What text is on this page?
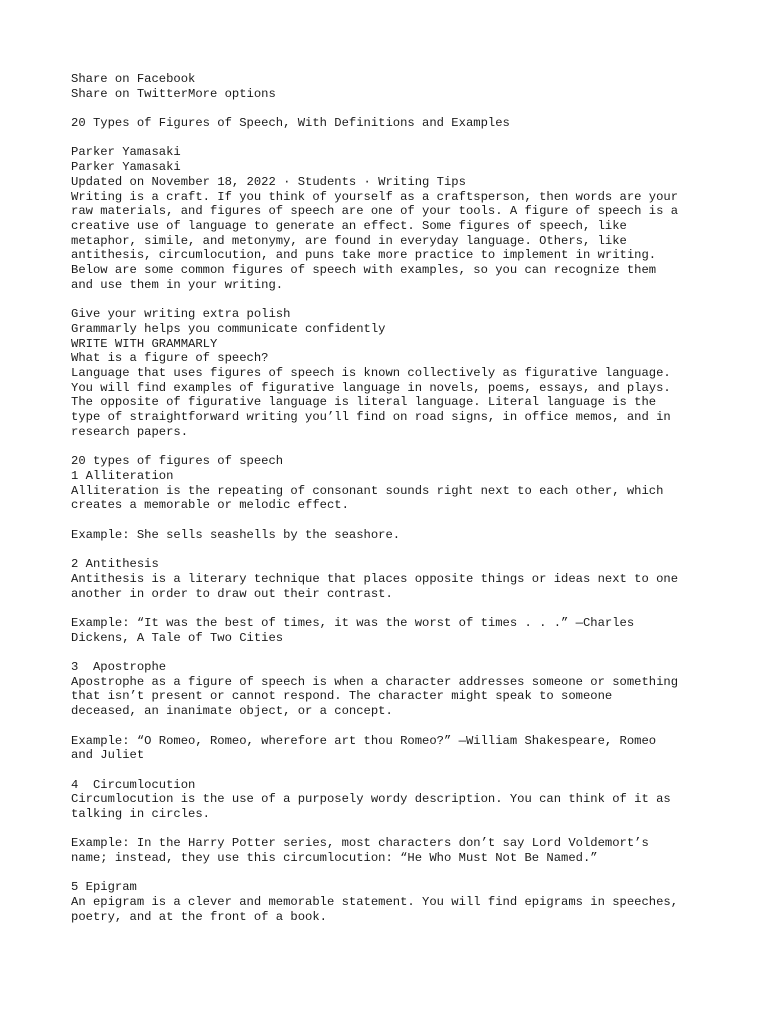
Share on Facebook
Share on TwitterMore options
20 Types of Figures of Speech, With Definitions and Examples
Parker Yamasaki
Parker Yamasaki
Updated on November 18, 2022 · Students · Writing Tips
Writing is a craft. If you think of yourself as a craftsperson, then words are your
raw materials, and figures of speech are one of your tools. A figure of speech is a
creative use of language to generate an effect. Some figures of speech, like
metaphor, simile, and metonymy, are found in everyday language. Others, like
antithesis, circumlocution, and puns take more practice to implement in writing.
Below are some common figures of speech with examples, so you can recognize them
and use them in your writing.
Give your writing extra polish
Grammarly helps you communicate confidently
WRITE WITH GRAMMARLY
What is a figure of speech?
Language that uses figures of speech is known collectively as figurative language.
You will find examples of figurative language in novels, poems, essays, and plays.
The opposite of figurative language is literal language. Literal language is the
type of straightforward writing you’ll find on road signs, in office memos, and in
research papers.
20 types of figures of speech
1 Alliteration
Alliteration is the repeating of consonant sounds right next to each other, which
creates a memorable or melodic effect.
Example: She sells seashells by the seashore.
2 Antithesis
Antithesis is a literary technique that places opposite things or ideas next to one
another in order to draw out their contrast.
Example: “It was the best of times, it was the worst of times . . .” —Charles
Dickens, A Tale of Two Cities
3  Apostrophe
Apostrophe as a figure of speech is when a character addresses someone or something
that isn’t present or cannot respond. The character might speak to someone
deceased, an inanimate object, or a concept.
Example: “O Romeo, Romeo, wherefore art thou Romeo?” —William Shakespeare, Romeo
and Juliet
4  Circumlocution
Circumlocution is the use of a purposely wordy description. You can think of it as
talking in circles.
Example: In the Harry Potter series, most characters don’t say Lord Voldemort’s
name; instead, they use this circumlocution: “He Who Must Not Be Named.”
5 Epigram
An epigram is a clever and memorable statement. You will find epigrams in speeches,
poetry, and at the front of a book.
